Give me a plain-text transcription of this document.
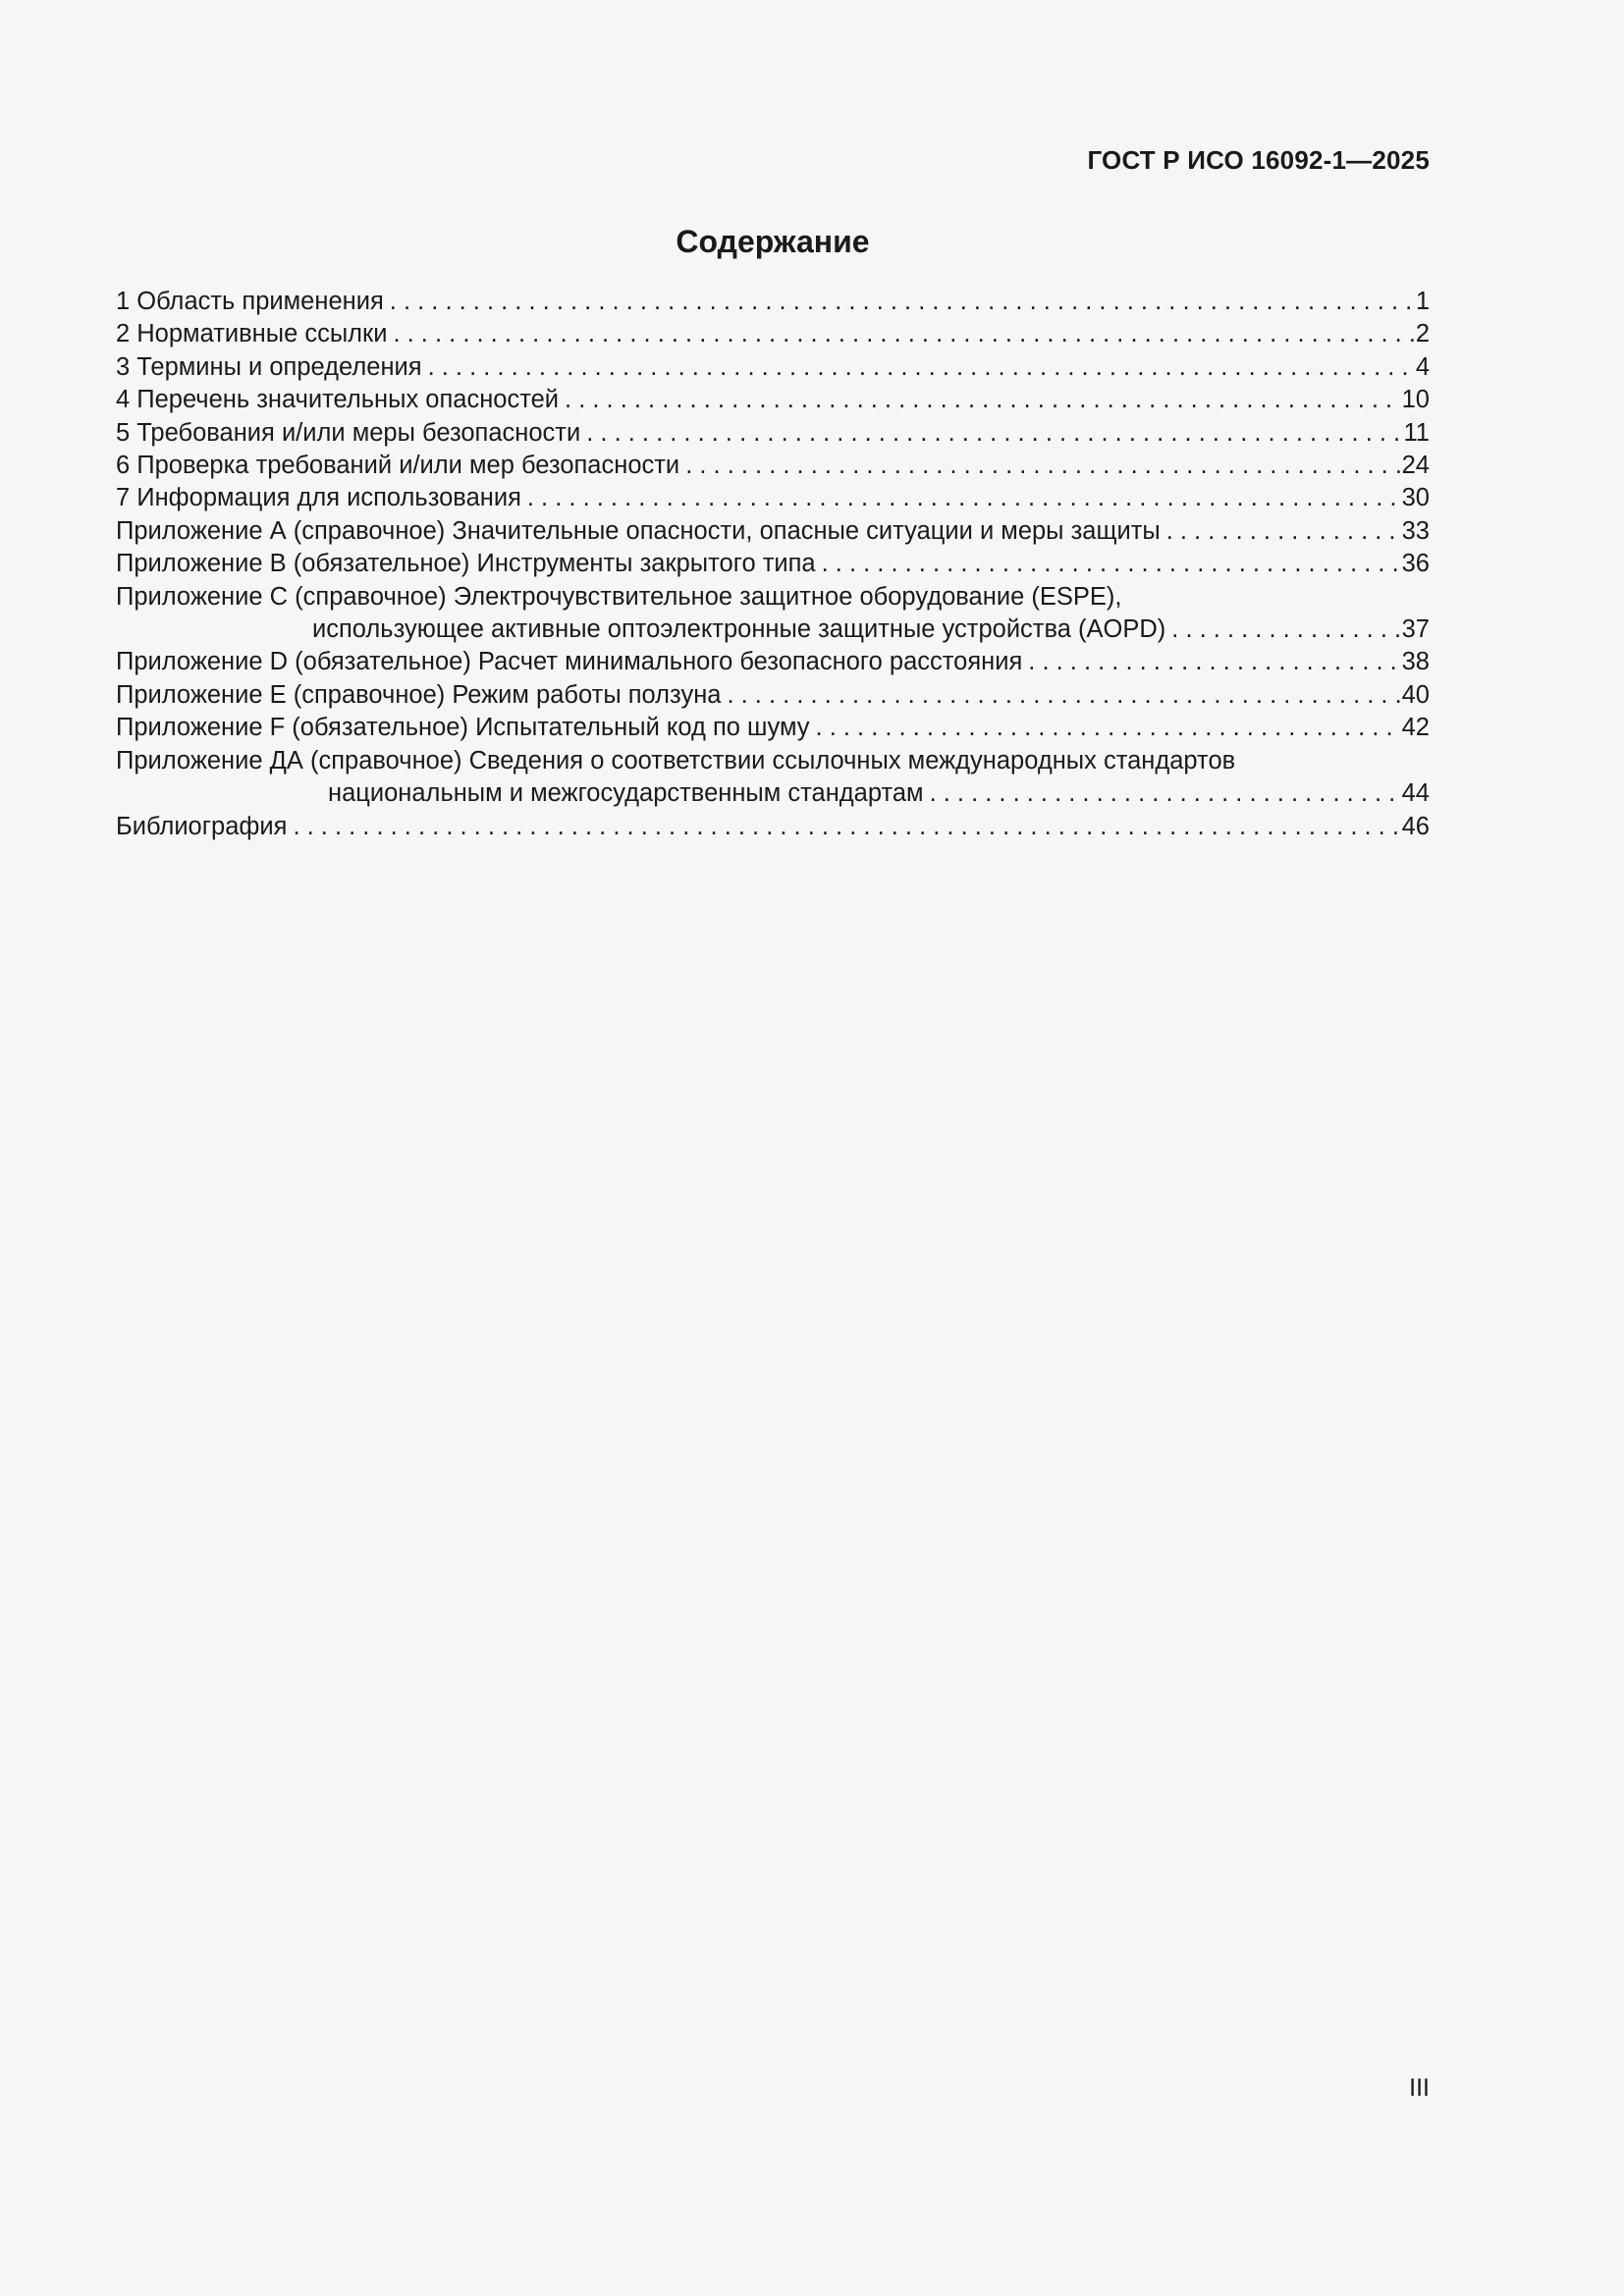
ГОСТ Р ИСО 16092-1—2025
Содержание
1 Область применения . . .	1
2 Нормативные ссылки . . .	2
3 Термины и определения . . .	4
4 Перечень значительных опасностей . . .	10
5 Требования и/или меры безопасности . . .	11
6 Проверка требований и/или мер безопасности . . .	24
7 Информация для использования . . .	30
Приложение А (справочное) Значительные опасности, опасные ситуации и меры защиты . . .	33
Приложение В (обязательное) Инструменты закрытого типа . . .	36
Приложение С (справочное) Электрочувствительное защитное оборудование (ESPE),
использующее активные оптоэлектронные защитные устройства (AOPD) . . .	37
Приложение D (обязательное) Расчет минимального безопасного расстояния . . .	38
Приложение Е (справочное) Режим работы ползуна . . .	40
Приложение F (обязательное) Испытательный код по шуму . . .	42
Приложение ДА (справочное) Сведения о соответствии ссылочных международных стандартов
национальным и межгосударственным стандартам . . .	44
Библиография . . .	46
III
